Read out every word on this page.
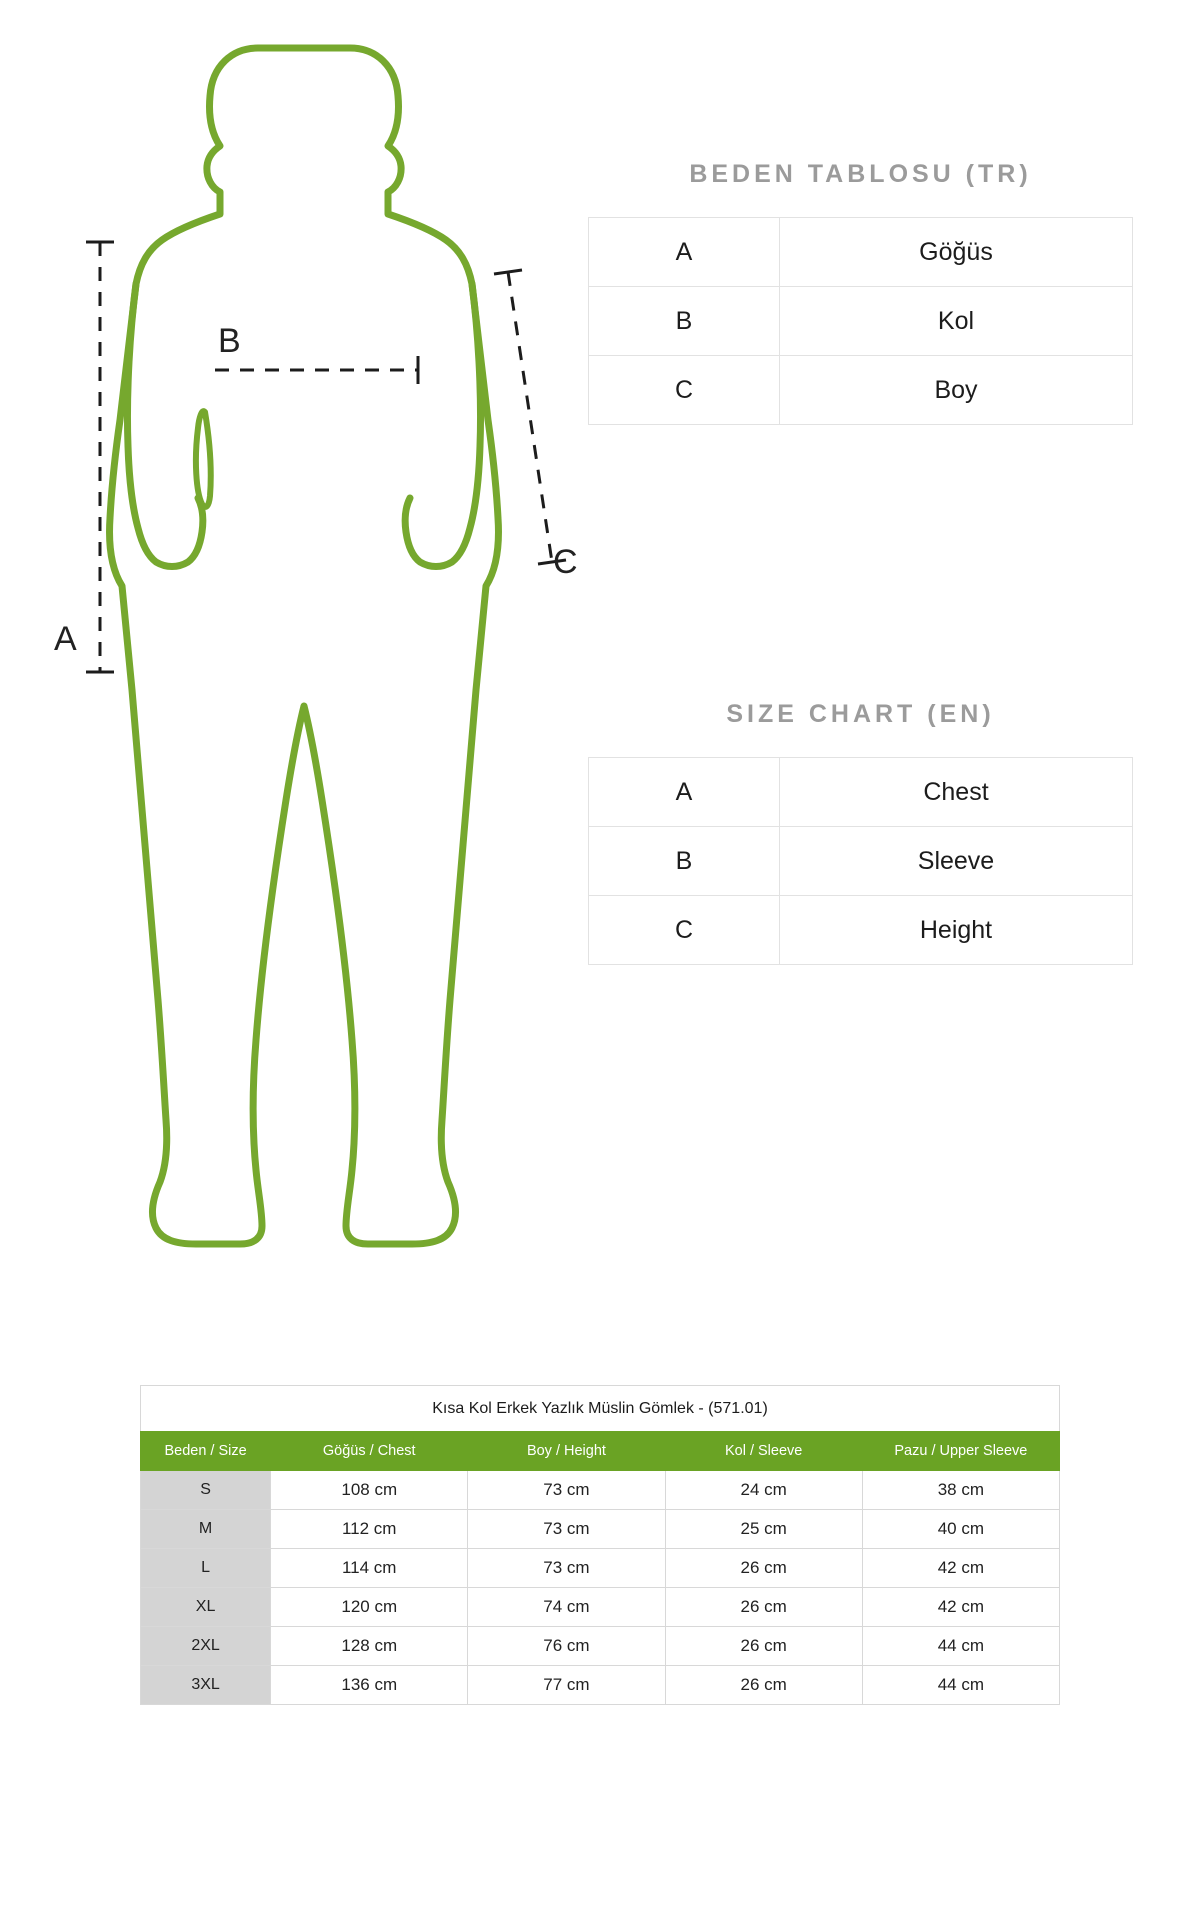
A
B
C
BEDEN TABLOSU (TR)
A	Göğüs
B	Kol
C	Boy
SIZE CHART (EN)
A	Chest
B	Sleeve
C	Height
Kısa Kol Erkek Yazlık Müslin Gömlek - (571.01)
Beden / Size	Göğüs / Chest	Boy / Height	Kol / Sleeve	Pazu / Upper Sleeve
S	108 cm	73 cm	24 cm	38 cm
M	112 cm	73 cm	25 cm	40 cm
L	114 cm	73 cm	26 cm	42 cm
XL	120 cm	74 cm	26 cm	42 cm
2XL	128 cm	76 cm	26 cm	44 cm
3XL	136 cm	77 cm	26 cm	44 cm
